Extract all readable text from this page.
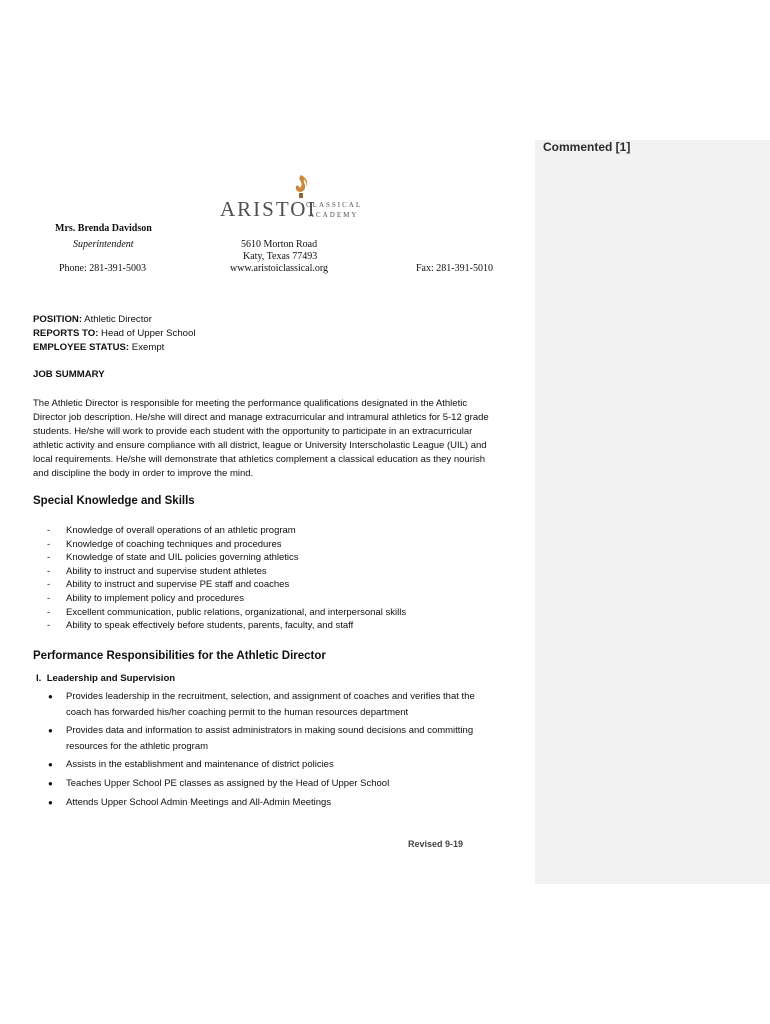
Commented [1]
ARISTOI
CLASSICAL
ACADEMY
Mrs. Brenda Davidson
Superintendent
Phone: 281-391-5003
5610 Morton Road
Katy, Texas 77493
www.aristoiclassical.org	Fax: 281-391-5010
POSITION: Athletic Director
REPORTS TO: Head of Upper School
EMPLOYEE STATUS: Exempt
JOB SUMMARY
The Athletic Director is responsible for meeting the performance qualifications designated in the Athletic
Director job description. He/she will direct and manage extracurricular and intramural athletics for 5-12 grade
students. He/she will work to provide each student with the opportunity to participate in an extracurricular
athletic activity and ensure compliance with all district, league or University Interscholastic League (UIL) and
local requirements. He/she will demonstrate that athletics complement a classical education as they nourish
and discipline the body in order to improve the mind.
Special Knowledge and Skills
- Knowledge of overall operations of an athletic program
- Knowledge of coaching techniques and procedures
- Knowledge of state and UIL policies governing athletics
- Ability to instruct and supervise student athletes
- Ability to instruct and supervise PE staff and coaches
- Ability to implement policy and procedures
- Excellent communication, public relations, organizational, and interpersonal skills
- Ability to speak effectively before students, parents, faculty, and staff
Performance Responsibilities for the Athletic Director
I. Leadership and Supervision
● Provides leadership in the recruitment, selection, and assignment of coaches and verifies that the
coach has forwarded his/her coaching permit to the human resources department
● Provides data and information to assist administrators in making sound decisions and committing
resources for the athletic program
● Assists in the establishment and maintenance of district policies
● Teaches Upper School PE classes as assigned by the Head of Upper School
● Attends Upper School Admin Meetings and All-Admin Meetings
Revised 9-19
